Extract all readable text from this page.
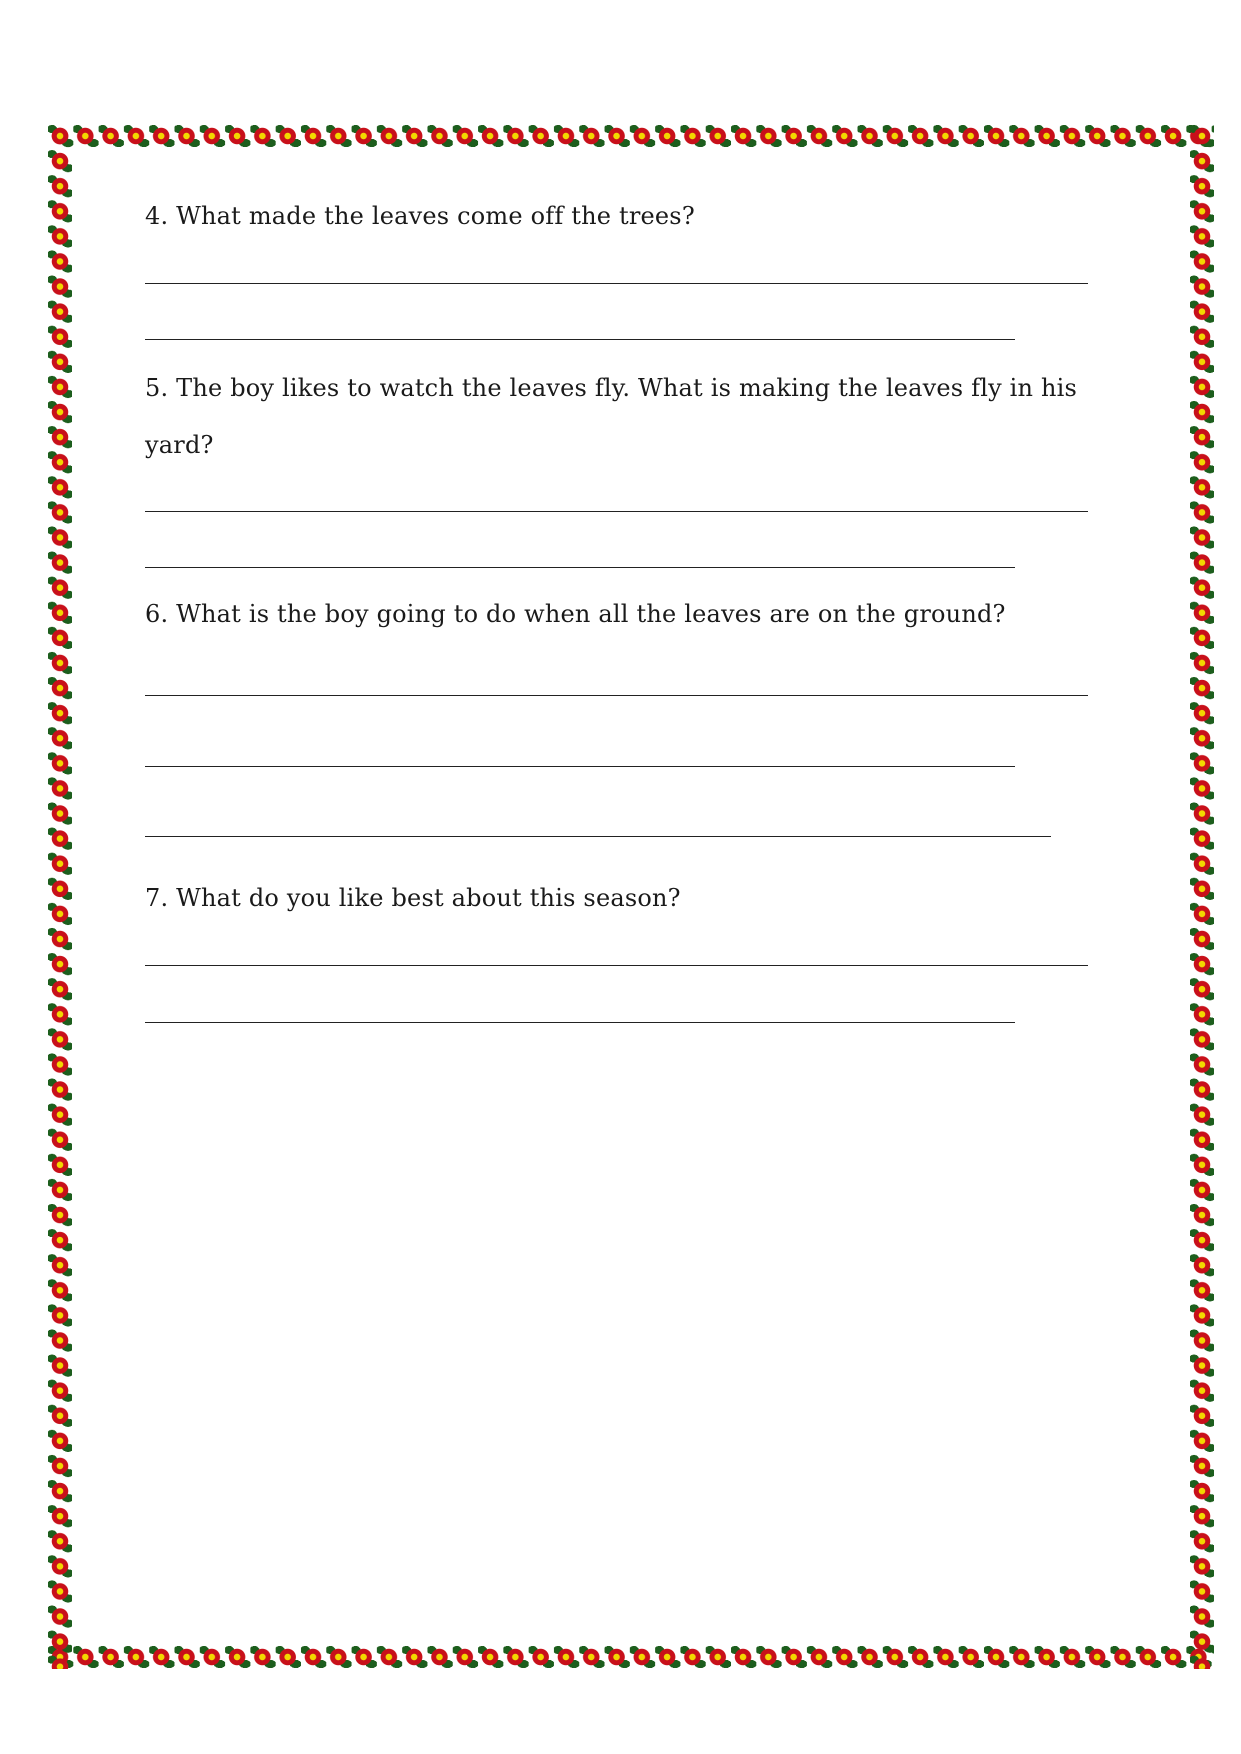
4. What made the leaves come off the trees?

5. The boy likes to watch the leaves fly. What is making the leaves fly in his

yard?

6. What is the boy going to do when all the leaves are on the ground?

7. What do you like best about this season?
